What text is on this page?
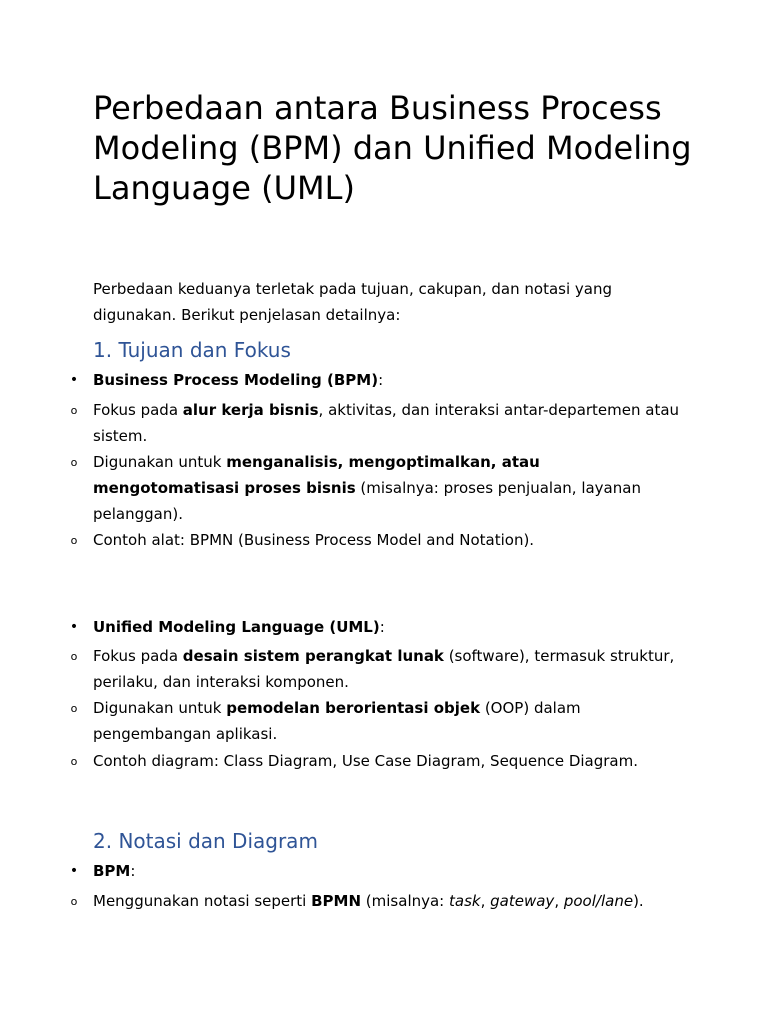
Perbedaan antara Business Process Modeling (BPM) dan Unified Modeling Language (UML)

Perbedaan keduanya terletak pada tujuan, cakupan, dan notasi yang digunakan. Berikut penjelasan detailnya:

1. Tujuan dan Fokus
• Business Process Modeling (BPM):
o Fokus pada alur kerja bisnis, aktivitas, dan interaksi antar-departemen atau sistem.
o Digunakan untuk menganalisis, mengoptimalkan, atau mengotomatisasi proses bisnis (misalnya: proses penjualan, layanan pelanggan).
o Contoh alat: BPMN (Business Process Model and Notation).
• Unified Modeling Language (UML):
o Fokus pada desain sistem perangkat lunak (software), termasuk struktur, perilaku, dan interaksi komponen.
o Digunakan untuk pemodelan berorientasi objek (OOP) dalam pengembangan aplikasi.
o Contoh diagram: Class Diagram, Use Case Diagram, Sequence Diagram.
2. Notasi dan Diagram
• BPM:
o Menggunakan notasi seperti BPMN (misalnya: task, gateway, pool/lane).
